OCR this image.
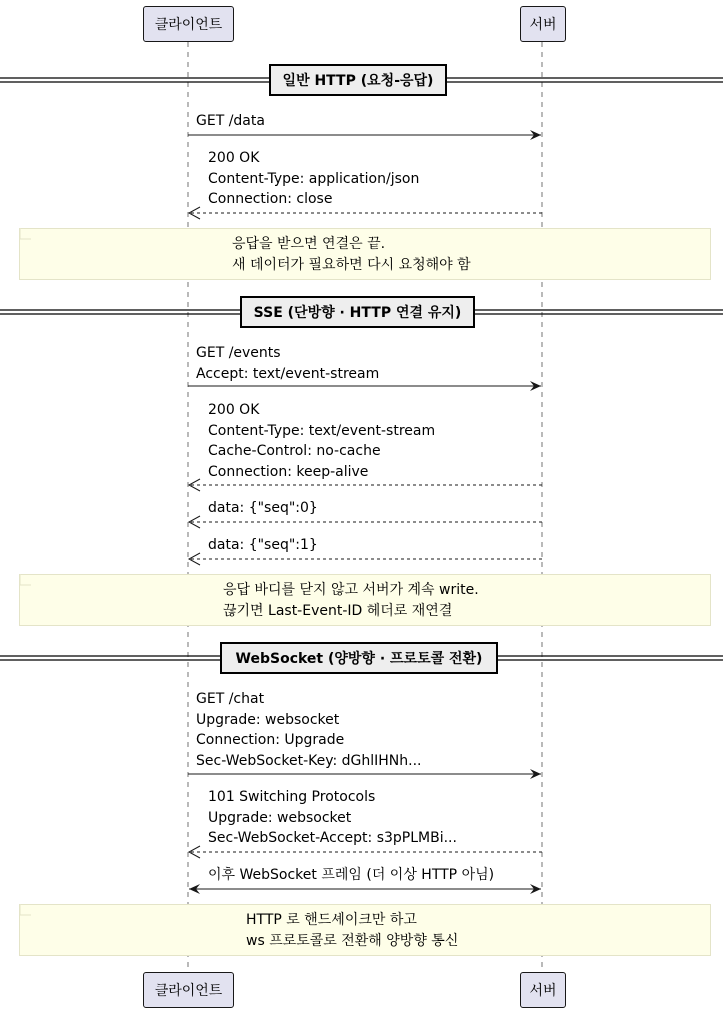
클라이언트	서버
클라이언트	서버
일반 HTTP (요청-응답)
SSE (단방향 · HTTP 연결 유지)
WebSocket (양방향 · 프로토콜 전환)
GET /data
200 OK
Content-Type: application/json
Connection: close
응답을 받으면 연결은 끝.
새 데이터가 필요하면 다시 요청해야 함
GET /events
Accept: text/event-stream
200 OK
Content-Type: text/event-stream
Cache-Control: no-cache
Connection: keep-alive
data: {"seq":0}
data: {"seq":1}
응답 바디를 닫지 않고 서버가 계속 write.
끊기면 Last-Event-ID 헤더로 재연결
GET /chat
Upgrade: websocket
Connection: Upgrade
Sec-WebSocket-Key: dGhlIHNh...
101 Switching Protocols
Upgrade: websocket
Sec-WebSocket-Accept: s3pPLMBi...
이후 WebSocket 프레임 (더 이상 HTTP 아님)
HTTP 로 핸드셰이크만 하고
ws 프로토콜로 전환해 양방향 통신
